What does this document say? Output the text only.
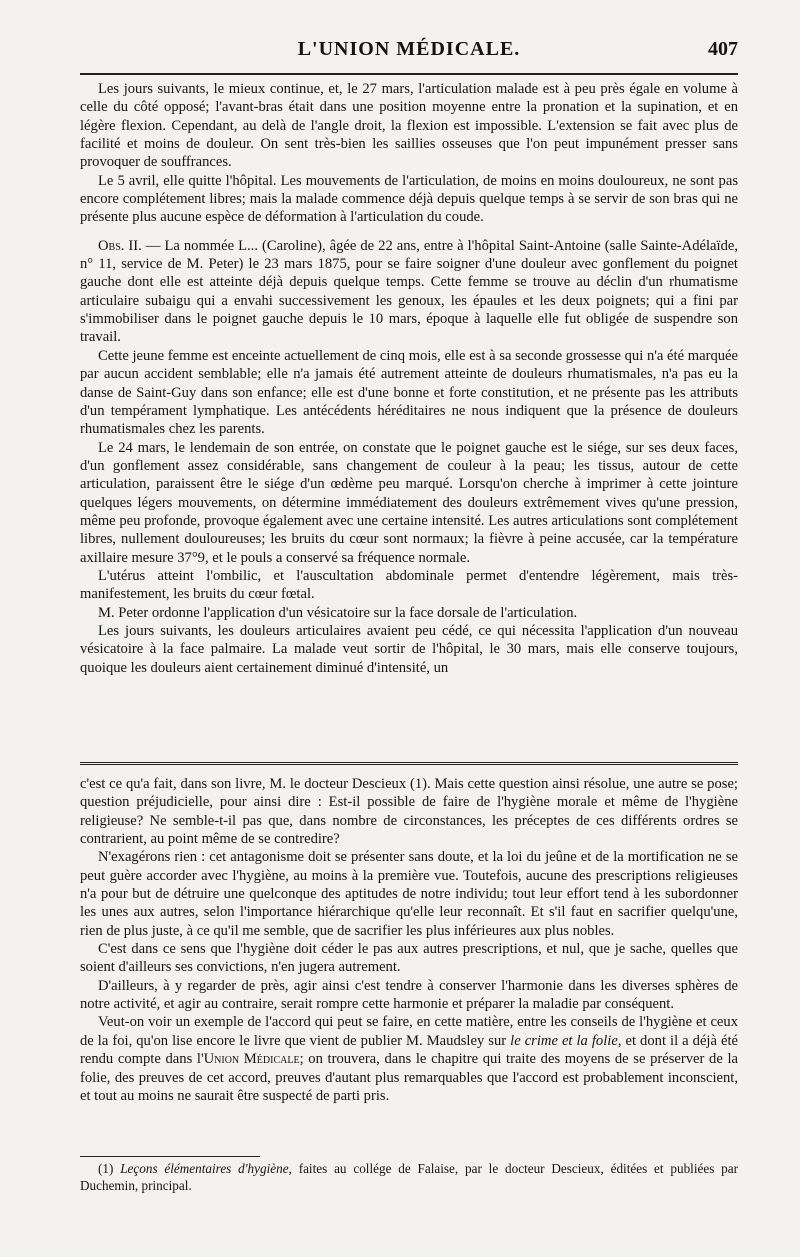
L'UNION MÉDICALE.	407

Les jours suivants, le mieux continue, et, le 27 mars, l'articulation malade est à peu près égale en volume à celle du côté opposé; l'avant-bras était dans une position moyenne entre la pronation et la supination, et en légère flexion. Cependant, au delà de l'angle droit, la flexion est impossible. L'extension se fait avec plus de facilité et moins de douleur. On sent très-bien les saillies osseuses que l'on peut impunément presser sans provoquer de souffrances.

Le 5 avril, elle quitte l'hôpital. Les mouvements de l'articulation, de moins en moins douloureux, ne sont pas encore complétement libres; mais la malade commence déjà depuis quelque temps à se servir de son bras qui ne présente plus aucune espèce de déformation à l'articulation du coude.

Obs. II. — La nommée L... (Caroline), âgée de 22 ans, entre à l'hôpital Saint-Antoine (salle Sainte-Adélaïde, n° 11, service de M. Peter) le 23 mars 1875, pour se faire soigner d'une douleur avec gonflement du poignet gauche dont elle est atteinte déjà depuis quelque temps. Cette femme se trouve au déclin d'un rhumatisme articulaire subaigu qui a envahi successivement les genoux, les épaules et les deux poignets; qui a fini par s'immobiliser dans le poignet gauche depuis le 10 mars, époque à laquelle elle fut obligée de suspendre son travail.

Cette jeune femme est enceinte actuellement de cinq mois, elle est à sa seconde grossesse qui n'a été marquée par aucun accident semblable; elle n'a jamais été autrement atteinte de douleurs rhumatismales, n'a pas eu la danse de Saint-Guy dans son enfance; elle est d'une bonne et forte constitution, et ne présente pas les attributs d'un tempérament lymphatique. Les antécédents héréditaires ne nous indiquent que la présence de douleurs rhumatismales chez les parents.

Le 24 mars, le lendemain de son entrée, on constate que le poignet gauche est le siége, sur ses deux faces, d'un gonflement assez considérable, sans changement de couleur à la peau; les tissus, autour de cette articulation, paraissent être le siége d'un œdème peu marqué. Lorsqu'on cherche à imprimer à cette jointure quelques légers mouvements, on détermine immédiatement des douleurs extrêmement vives qu'une pression, même peu profonde, provoque également avec une certaine intensité. Les autres articulations sont complétement libres, nullement douloureuses; les bruits du cœur sont normaux; la fièvre à peine accusée, car la température axillaire mesure 37°9, et le pouls a conservé sa fréquence normale.

L'utérus atteint l'ombilic, et l'auscultation abdominale permet d'entendre légèrement, mais très-manifestement, les bruits du cœur fœtal.

M. Peter ordonne l'application d'un vésicatoire sur la face dorsale de l'articulation.

Les jours suivants, les douleurs articulaires avaient peu cédé, ce qui nécessita l'application d'un nouveau vésicatoire à la face palmaire. La malade veut sortir de l'hôpital, le 30 mars, mais elle conserve toujours, quoique les douleurs aient certainement diminué d'intensité, un

c'est ce qu'a fait, dans son livre, M. le docteur Descieux (1). Mais cette question ainsi résolue, une autre se pose; question préjudicielle, pour ainsi dire : Est-il possible de faire de l'hygiène morale et même de l'hygiène religieuse? Ne semble-t-il pas que, dans nombre de circonstances, les préceptes de ces différents ordres se contrarient, au point même de se contredire?

N'exagérons rien : cet antagonisme doit se présenter sans doute, et la loi du jeûne et de la mortification ne se peut guère accorder avec l'hygiène, au moins à la première vue. Toutefois, aucune des prescriptions religieuses n'a pour but de détruire une quelconque des aptitudes de notre individu; tout leur effort tend à les subordonner les unes aux autres, selon l'importance hiérarchique qu'elle leur reconnaît. Et s'il faut en sacrifier quelqu'une, rien de plus juste, à ce qu'il me semble, que de sacrifier les plus inférieures aux plus nobles.

C'est dans ce sens que l'hygiène doit céder le pas aux autres prescriptions, et nul, que je sache, quelles que soient d'ailleurs ses convictions, n'en jugera autrement.

D'ailleurs, à y regarder de près, agir ainsi c'est tendre à conserver l'harmonie dans les diverses sphères de notre activité, et agir au contraire, serait rompre cette harmonie et préparer la maladie par conséquent.

Veut-on voir un exemple de l'accord qui peut se faire, en cette matière, entre les conseils de l'hygiène et ceux de la foi, qu'on lise encore le livre que vient de publier M. Maudsley sur le crime et la folie, et dont il a déjà été rendu compte dans l'Union Médicale; on trouvera, dans le chapitre qui traite des moyens de se préserver de la folie, des preuves de cet accord, preuves d'autant plus remarquables que l'accord est probablement inconscient, et tout au moins ne saurait être suspecté de parti pris.

(1) Leçons élémentaires d'hygiène, faites au collége de Falaise, par le docteur Descieux, éditées et publiées par Duchemin, principal.
